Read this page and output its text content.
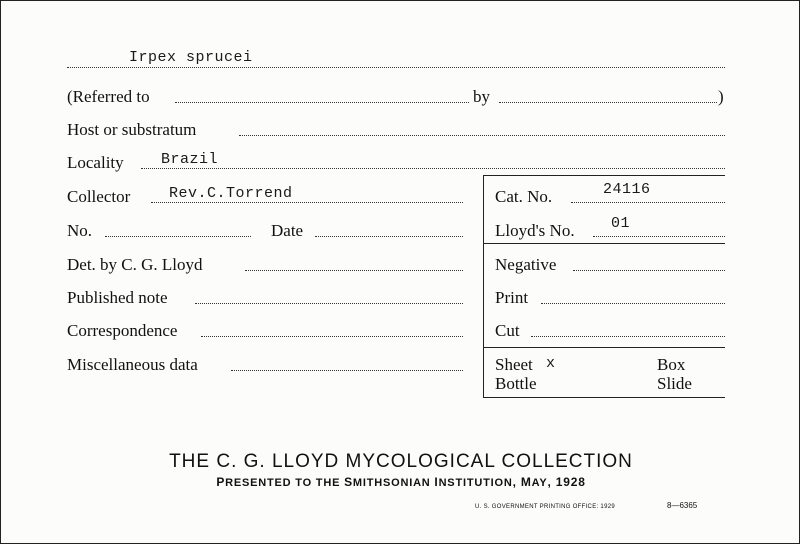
Irpex sprucei
(Referred to	by	)
Host or substratum
Locality Brazil
Collector	Rev.C.Torrend	Cat. No.	24116
No.	Date	Lloyd's No. 01
Det. by C. G. Lloyd	Negative
Published note	Print
Correspondence	Cut
Miscellaneous data	Sheet x	Box
Bottle	Slide
THE C. G. LLOYD MYCOLOGICAL COLLECTION
PRESENTED TO THE SMITHSONIAN INSTITUTION, MAY, 1928
U. S. GOVERNMENT PRINTING OFFICE: 1929	8—6365
